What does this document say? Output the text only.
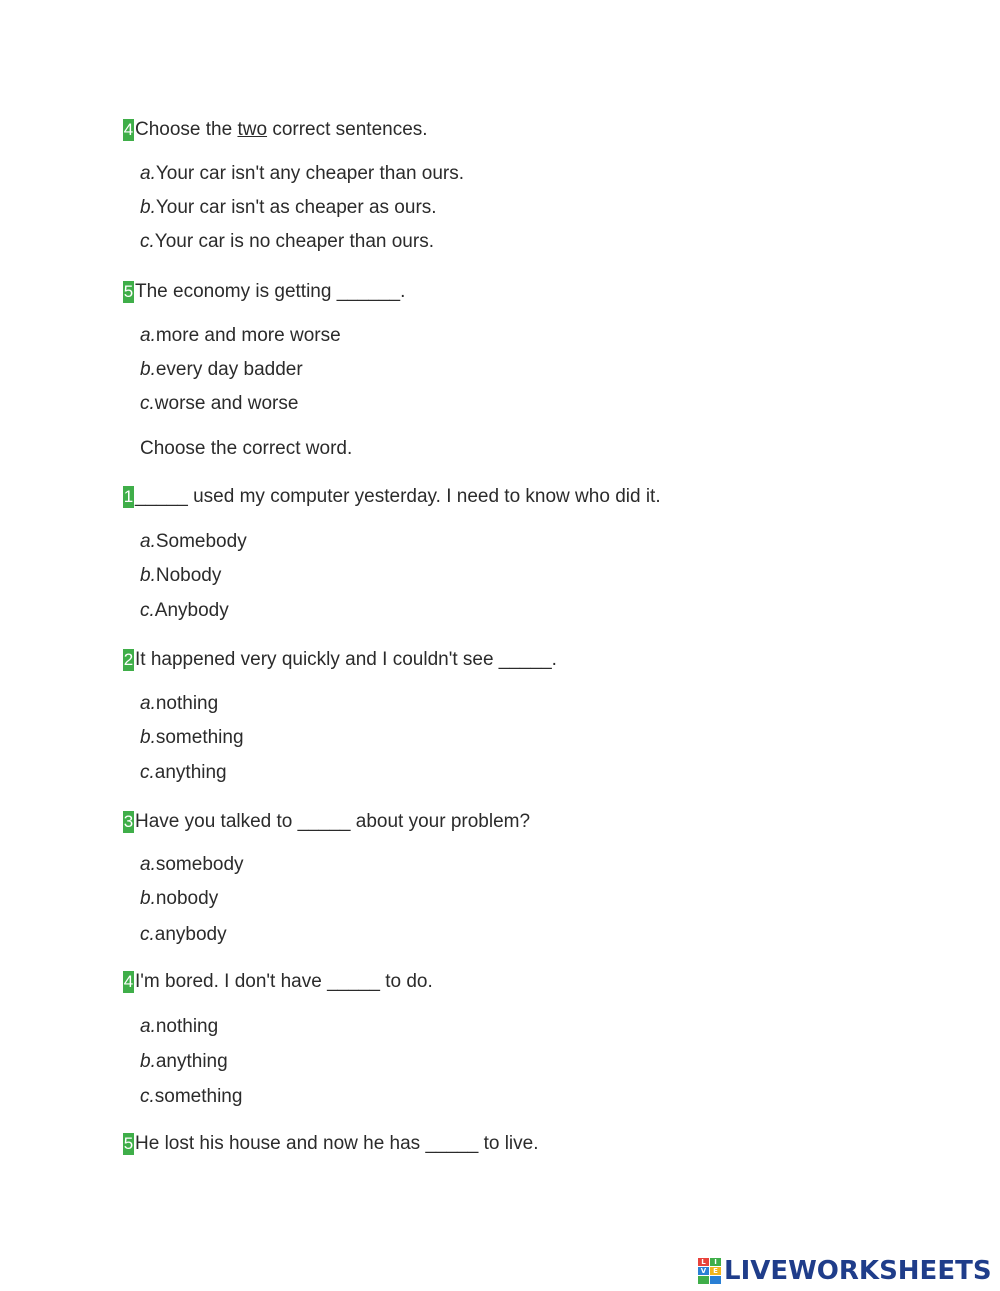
4 Choose the two correct sentences.
a.Your car isn't any cheaper than ours.
b.Your car isn't as cheaper as ours.
c.Your car is no cheaper than ours.
5 The economy is getting ______.
a.more and more worse
b.every day badder
c.worse and worse
Choose the correct word.
1 _____ used my computer yesterday. I need to know who did it.
a.Somebody
b.Nobody
c.Anybody
2 It happened very quickly and I couldn't see _____.
a.nothing
b.something
c.anything
3 Have you talked to _____ about your problem?
a.somebody
b.nobody
c.anybody
4 I'm bored. I don't have _____ to do.
a.nothing
b.anything
c.something
5 He lost his house and now he has _____ to live.
L	I
V E LIVEWORKSHEETS
